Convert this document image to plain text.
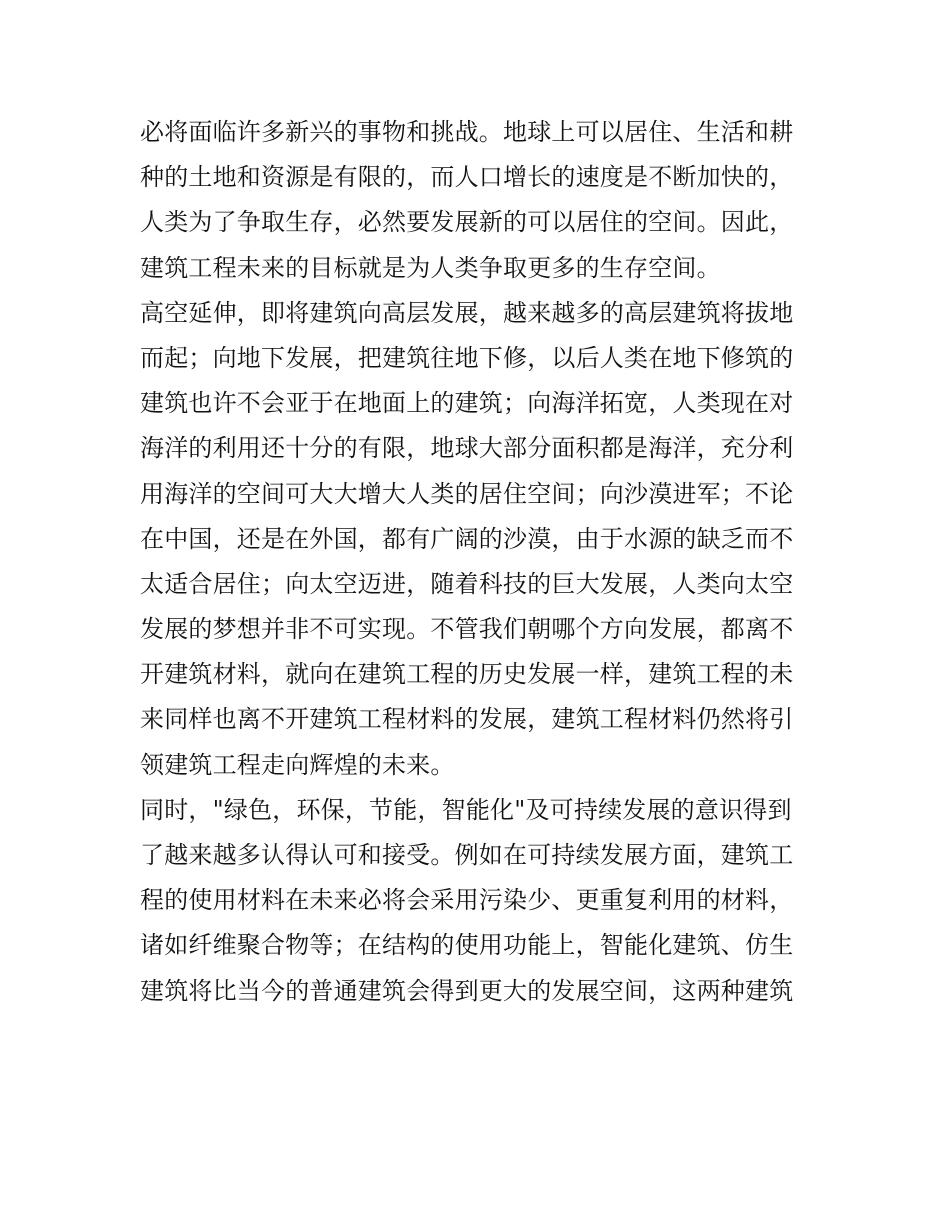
必将面临许多新兴的事物和挑战。地球上可以居住、生活和耕
种的土地和资源是有限的，而人口增长的速度是不断加快的，
人类为了争取生存，必然要发展新的可以居住的空间。因此，
建筑工程未来的目标就是为人类争取更多的生存空间。
高空延伸，即将建筑向高层发展，越来越多的高层建筑将拔地
而起；向地下发展，把建筑往地下修，以后人类在地下修筑的
建筑也许不会亚于在地面上的建筑；向海洋拓宽，人类现在对
海洋的利用还十分的有限，地球大部分面积都是海洋，充分利
用海洋的空间可大大增大人类的居住空间；向沙漠进军；不论
在中国，还是在外国，都有广阔的沙漠，由于水源的缺乏而不
太适合居住；向太空迈进，随着科技的巨大发展，人类向太空
发展的梦想并非不可实现。不管我们朝哪个方向发展，都离不
开建筑材料，就向在建筑工程的历史发展一样，建筑工程的未
来同样也离不开建筑工程材料的发展，建筑工程材料仍然将引
领建筑工程走向辉煌的未来。
同时，"绿色，环保，节能，智能化"及可持续发展的意识得到
了越来越多认得认可和接受。例如在可持续发展方面，建筑工
程的使用材料在未来必将会采用污染少、更重复利用的材料，
诸如纤维聚合物等；在结构的使用功能上，智能化建筑、仿生
建筑将比当今的普通建筑会得到更大的发展空间，这两种建筑
